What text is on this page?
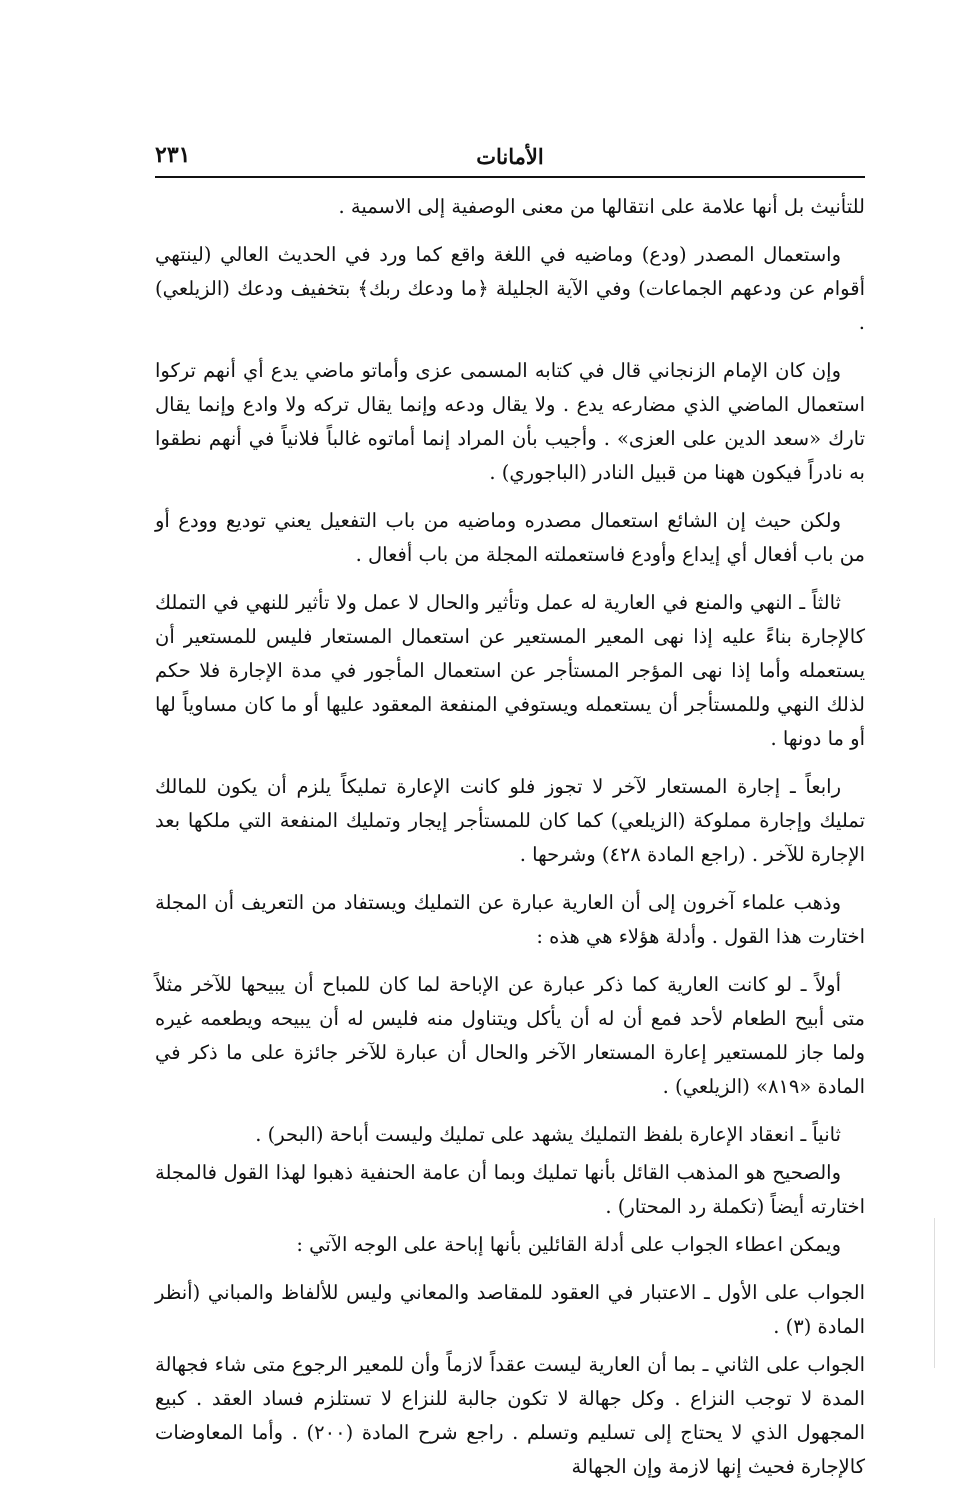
الأمانات
٢٣١

للتأنيث بل أنها علامة على انتقالها من معنى الوصفية إلى الاسمية .

واستعمال المصدر (ودع) وماضيه في اللغة واقع كما ورد في الحديث العالي (لينتهي أقوام عن ودعهم الجماعات) وفي الآية الجليلة ﴿ما ودعك ربك﴾ بتخفيف ودعك (الزيلعي) .

وإن كان الإمام الزنجاني قال في كتابه المسمى عزى وأماتو ماضي يدع أي أنهم تركوا استعمال الماضي الذي مضارعه يدع . ولا يقال ودعه وإنما يقال تركه ولا وادع وإنما يقال تارك «سعد الدين على العزى» . وأجيب بأن المراد إنما أماتوه غالباً فلانياً في أنهم نطقوا به نادراً فيكون ههنا من قبيل النادر (الباجوري) .

ولكن حيث إن الشائع استعمال مصدره وماضيه من باب التفعيل يعني توديع وودع أو من باب أفعال أي إيداع وأودع فاستعملته المجلة من باب أفعال .

ثالثاً ـ النهي والمنع في العارية له عمل وتأثير والحال لا عمل ولا تأثير للنهي في التملك كالإجارة بناءً عليه إذا نهى المعير المستعير عن استعمال المستعار فليس للمستعير أن يستعمله وأما إذا نهى المؤجر المستأجر عن استعمال المأجور في مدة الإجارة فلا حكم لذلك النهي وللمستأجر أن يستعمله ويستوفي المنفعة المعقود عليها أو ما كان مساوياً لها أو ما دونها .

رابعاً ـ إجارة المستعار لآخر لا تجوز فلو كانت الإعارة تمليكاً يلزم أن يكون للمالك تمليك وإجارة مملوكة (الزيلعي) كما كان للمستأجر إيجار وتمليك المنفعة التي ملكها بعد الإجارة للآخر . (راجع المادة ٤٢٨) وشرحها .

وذهب علماء آخرون إلى أن العارية عبارة عن التمليك ويستفاد من التعريف أن المجلة اختارت هذا القول . وأدلة هؤلاء هي هذه :

أولاً ـ لو كانت العارية كما ذكر عبارة عن الإباحة لما كان للمباح أن يبيحها للآخر مثلاً متى أبيح الطعام لأحد فمع أن له أن يأكل ويتناول منه فليس له أن يبيحه ويطعمه غيره ولما جاز للمستعير إعارة المستعار الآخر والحال أن عبارة للآخر جائزة على ما ذكر في المادة «٨١٩» (الزيلعي) .

ثانياً ـ انعقاد الإعارة بلفظ التمليك يشهد على تمليك وليست أباحة (البحر) .

والصحيح هو المذهب القائل بأنها تمليك وبما أن عامة الحنفية ذهبوا لهذا القول فالمجلة اختارته أيضاً (تكملة رد المحتار) .

ويمكن اعطاء الجواب على أدلة القائلين بأنها إباحة على الوجه الآتي :

الجواب على الأول ـ الاعتبار في العقود للمقاصد والمعاني وليس للألفاظ والمباني (أنظر المادة (٣) .

الجواب على الثاني ـ بما أن العارية ليست عقداً لازماً وأن للمعير الرجوع متى شاء فجهالة المدة لا توجب النزاع . وكل جهالة لا تكون جالبة للنزاع لا تستلزم فساد العقد . كبيع المجهول الذي لا يحتاج إلى تسليم وتسلم . راجع شرح المادة (٢٠٠) . وأما المعاوضات كالإجارة فحيث إنها لازمة وإن الجهالة
